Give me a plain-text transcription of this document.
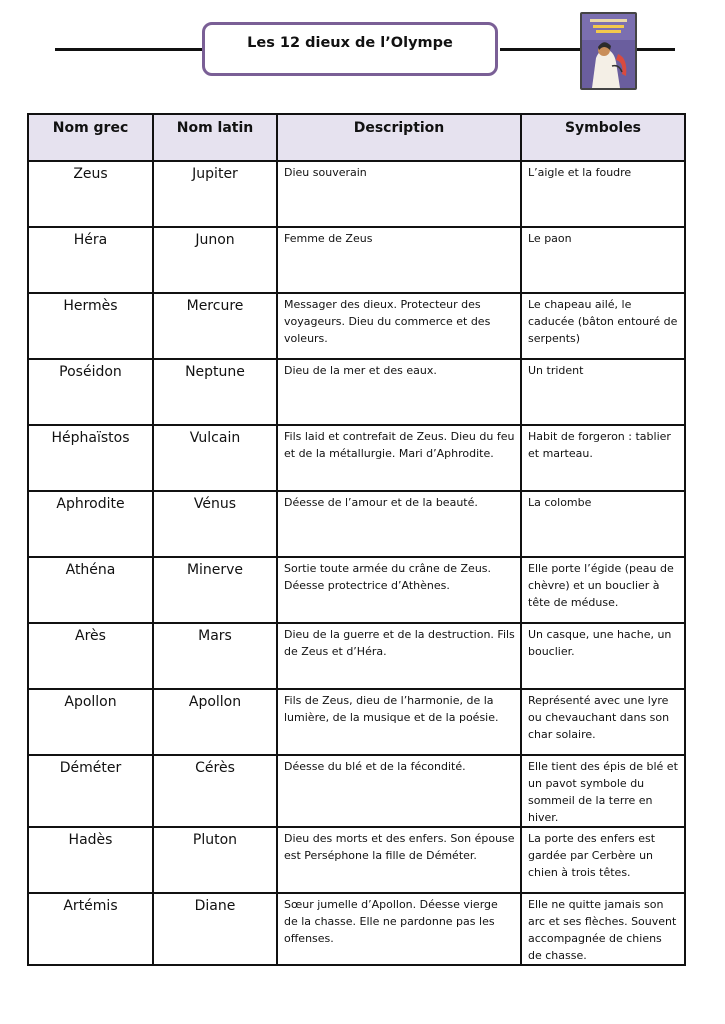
Les 12 dieux de l’Olympe
Nom grec	Nom latin	Description	Symboles
Zeus	Jupiter	Dieu souverain	L’aigle et la foudre
Héra	Junon	Femme de Zeus	Le paon
Hermès	Mercure	Messager des dieux. Protecteur des voyageurs. Dieu du commerce et des voleurs.	Le chapeau ailé, le caducée (bâton entouré de serpents)
Poséidon	Neptune	Dieu de la mer et des eaux.	Un trident
Héphaïstos	Vulcain	Fils laid et contrefait de Zeus. Dieu du feu et de la métallurgie. Mari d’Aphrodite.	Habit de forgeron : tablier et marteau.
Aphrodite	Vénus	Déesse de l’amour et de la beauté.	La colombe
Athéna	Minerve	Sortie toute armée du crâne de Zeus. Déesse protectrice d’Athènes.	Elle porte l’égide (peau de chèvre) et un bouclier à tête de méduse.
Arès	Mars	Dieu de la guerre et de la destruction. Fils de Zeus et d’Héra.	Un casque, une hache, un bouclier.
Apollon	Apollon	Fils de Zeus, dieu de l’harmonie, de la lumière, de la musique et de la poésie.	Représenté avec une lyre ou chevauchant dans son char solaire.
Déméter	Cérès	Déesse du blé et de la fécondité.	Elle tient des épis de blé et un pavot symbole du sommeil de la terre en hiver.
Hadès	Pluton	Dieu des morts et des enfers. Son épouse est Perséphone la fille de Déméter.	La porte des enfers est gardée par Cerbère un chien à trois têtes.
Artémis	Diane	Sœur jumelle d’Apollon. Déesse vierge de la chasse. Elle ne pardonne pas les offenses.	Elle ne quitte jamais son arc et ses flèches. Souvent accompagnée de chiens de chasse.
